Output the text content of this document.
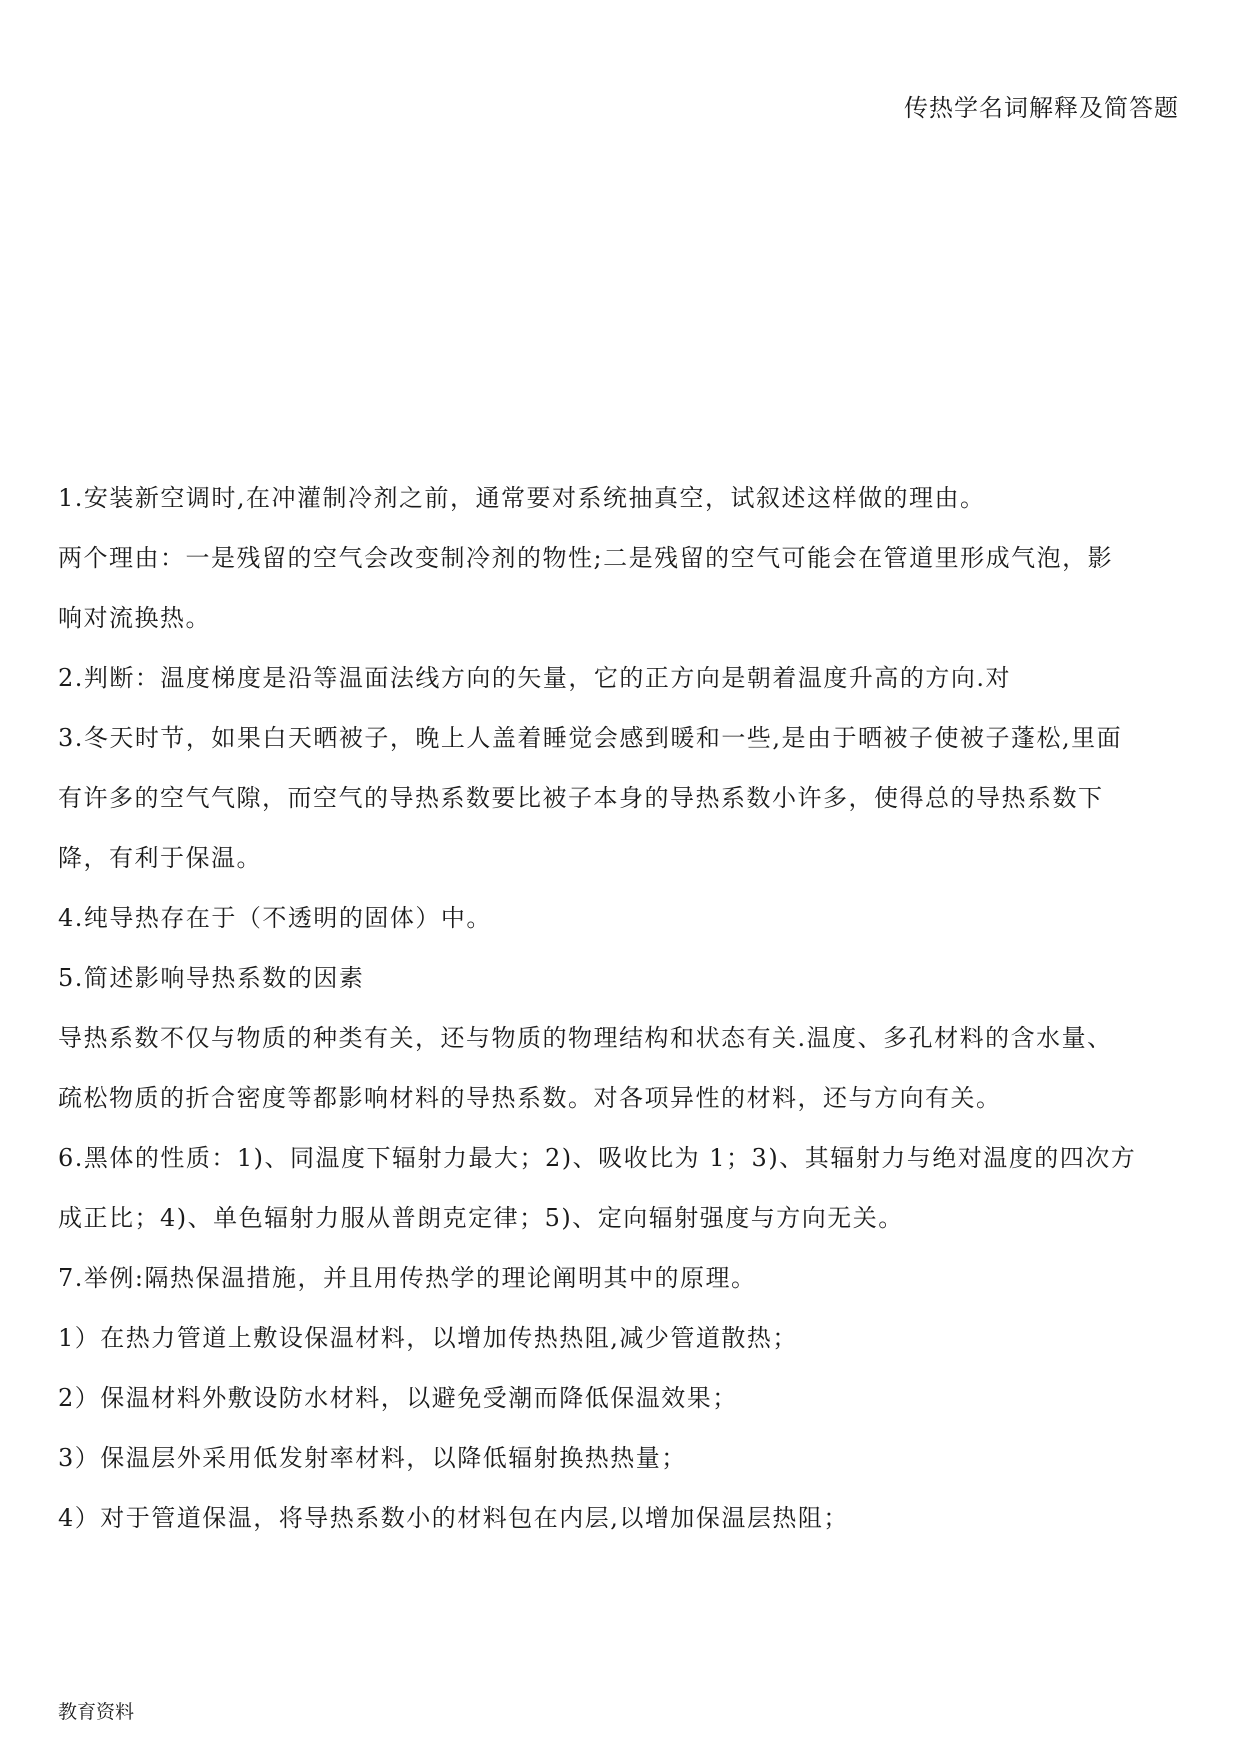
传热学名词解释及简答题
1.安装新空调时,在冲灌制冷剂之前，通常要对系统抽真空，试叙述这样做的理由。
两个理由：一是残留的空气会改变制冷剂的物性;二是残留的空气可能会在管道里形成气泡，影
响对流换热。
2.判断：温度梯度是沿等温面法线方向的矢量，它的正方向是朝着温度升高的方向.对
3.冬天时节，如果白天晒被子，晚上人盖着睡觉会感到暖和一些,是由于晒被子使被子蓬松,里面
有许多的空气气隙，而空气的导热系数要比被子本身的导热系数小许多，使得总的导热系数下
降，有利于保温。
4.纯导热存在于（不透明的固体）中。
5.简述影响导热系数的因素
导热系数不仅与物质的种类有关，还与物质的物理结构和状态有关.温度、多孔材料的含水量、
疏松物质的折合密度等都影响材料的导热系数。对各项异性的材料，还与方向有关。
6.黑体的性质：1)、同温度下辐射力最大；2)、吸收比为 1；3)、其辐射力与绝对温度的四次方
成正比；4)、单色辐射力服从普朗克定律；5)、定向辐射强度与方向无关。
7.举例:隔热保温措施，并且用传热学的理论阐明其中的原理。
1）在热力管道上敷设保温材料，以增加传热热阻,减少管道散热；
2）保温材料外敷设防水材料，以避免受潮而降低保温效果；
3）保温层外采用低发射率材料，以降低辐射换热热量；
4）对于管道保温，将导热系数小的材料包在内层,以增加保温层热阻；
教育资料
